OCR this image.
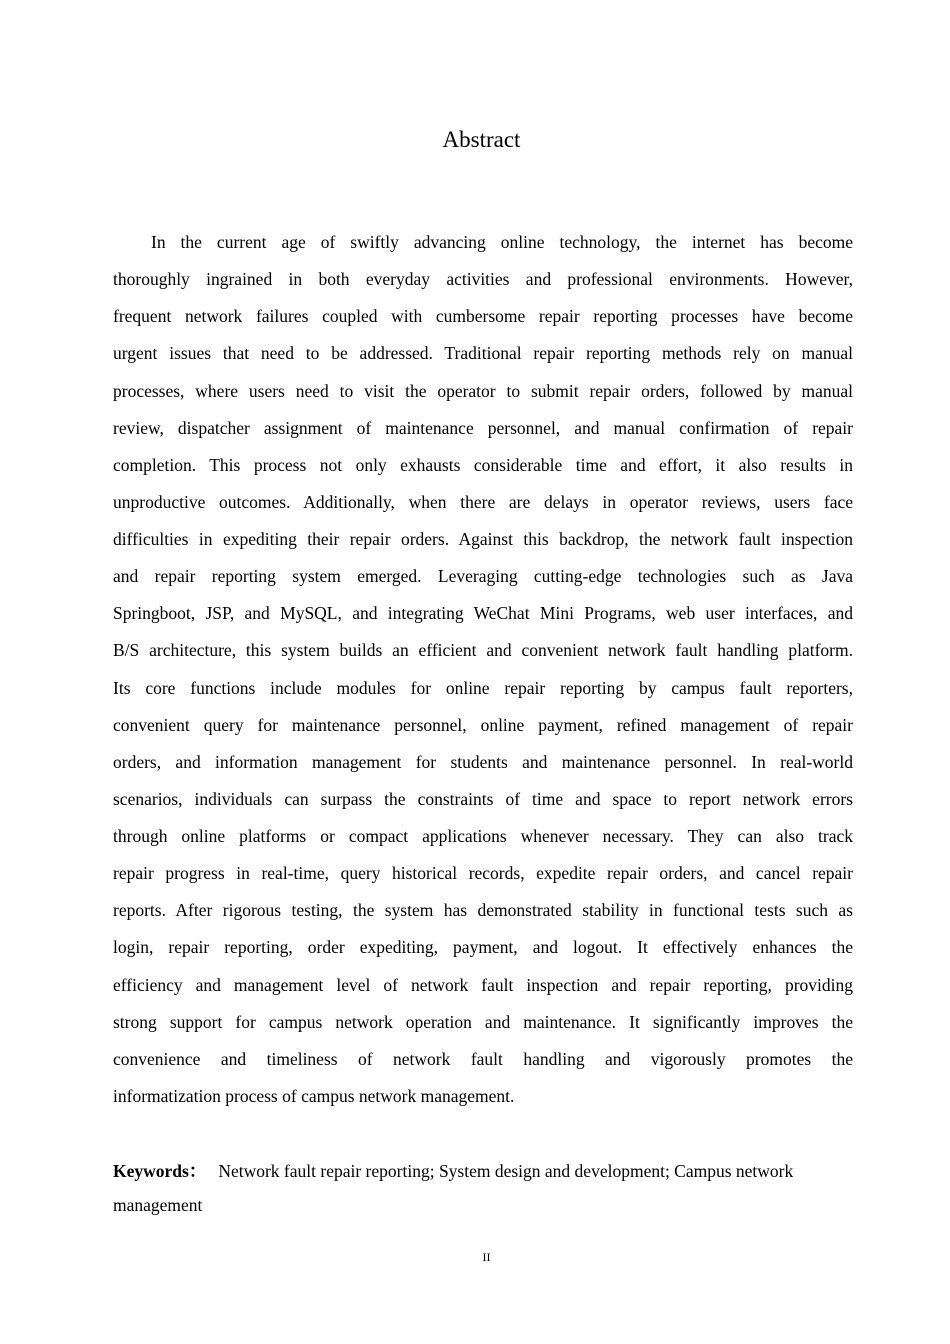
Abstract
In the current age of swiftly advancing online technology, the internet has become
thoroughly ingrained in both everyday activities and professional environments. However,
frequent network failures coupled with cumbersome repair reporting processes have become
urgent issues that need to be addressed. Traditional repair reporting methods rely on manual
processes, where users need to visit the operator to submit repair orders, followed by manual
review, dispatcher assignment of maintenance personnel, and manual confirmation of repair
completion. This process not only exhausts considerable time and effort, it also results in
unproductive outcomes. Additionally, when there are delays in operator reviews, users face
difficulties in expediting their repair orders. Against this backdrop, the network fault inspection
and repair reporting system emerged. Leveraging cutting-edge technologies such as Java
Springboot, JSP, and MySQL, and integrating WeChat Mini Programs, web user interfaces, and
B/S architecture, this system builds an efficient and convenient network fault handling platform.
Its core functions include modules for online repair reporting by campus fault reporters,
convenient query for maintenance personnel, online payment, refined management of repair
orders, and information management for students and maintenance personnel. In real-world
scenarios, individuals can surpass the constraints of time and space to report network errors
through online platforms or compact applications whenever necessary. They can also track
repair progress in real-time, query historical records, expedite repair orders, and cancel repair
reports. After rigorous testing, the system has demonstrated stability in functional tests such as
login, repair reporting, order expediting, payment, and logout. It effectively enhances the
efficiency and management level of network fault inspection and repair reporting, providing
strong support for campus network operation and maintenance. It significantly improves the
convenience and timeliness of network fault handling and vigorously promotes the
informatization process of campus network management.
Keywords： Network fault repair reporting; System design and development; Campus network management
II
